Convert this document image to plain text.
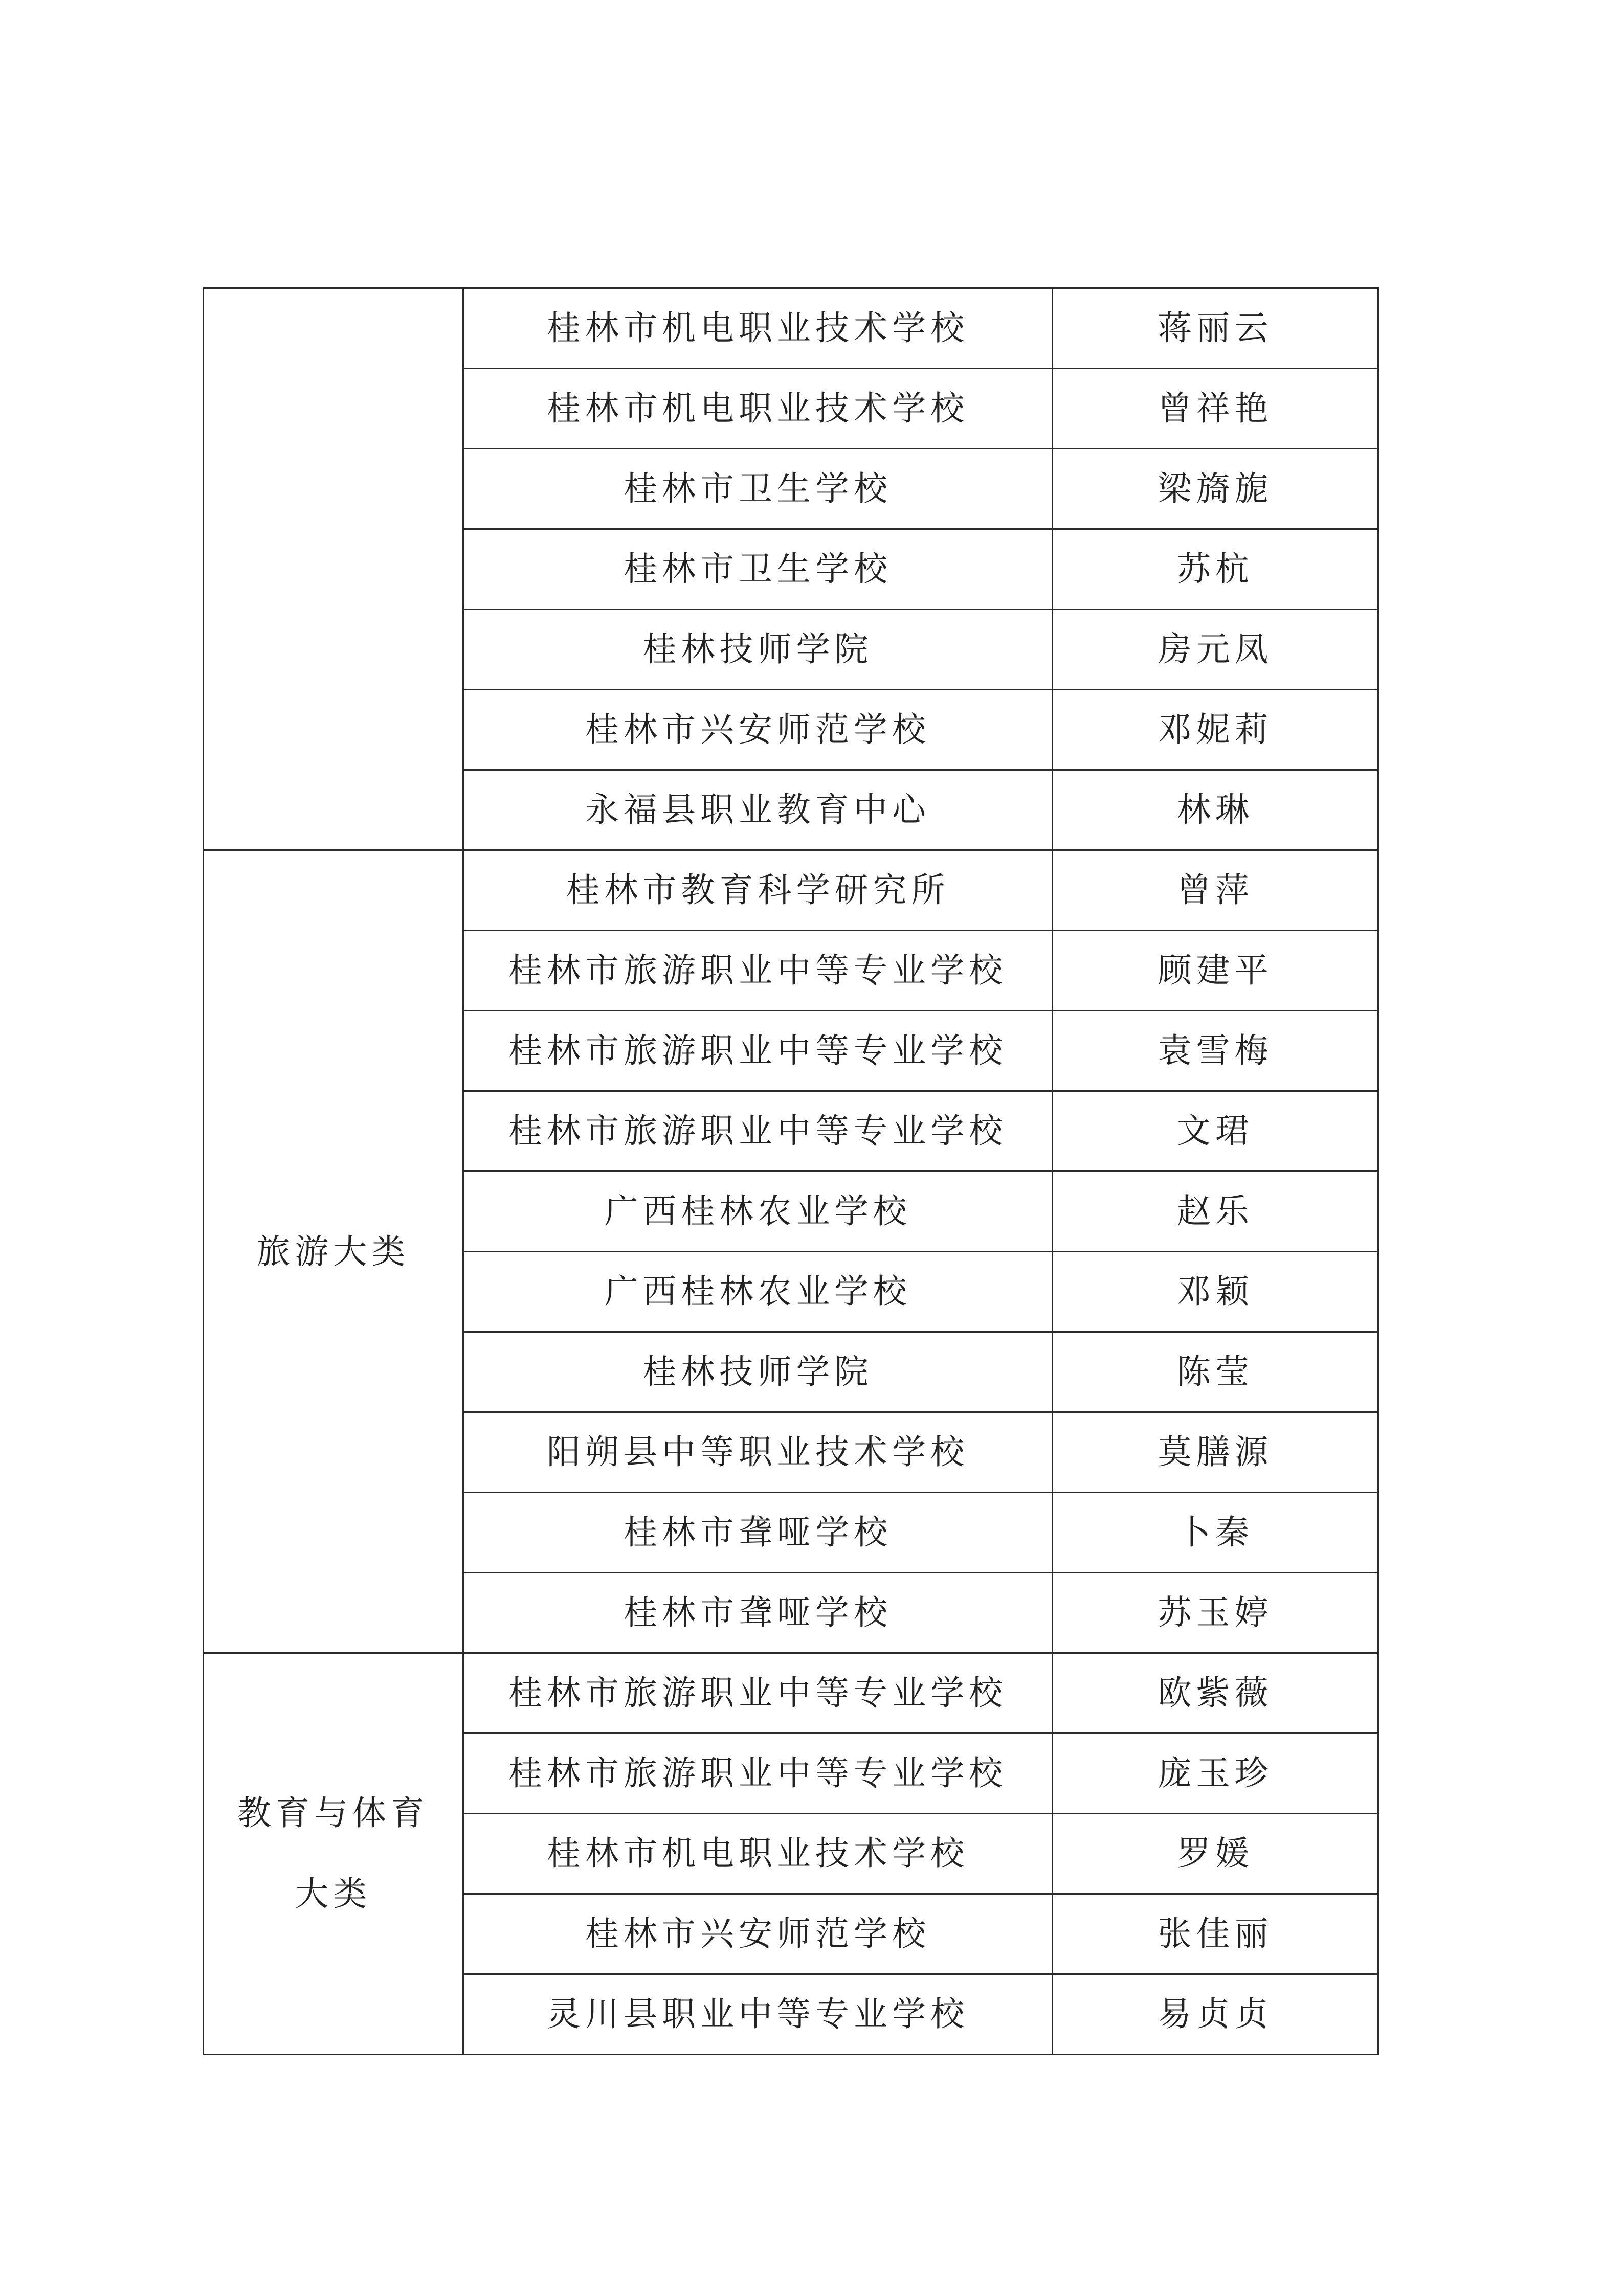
	桂林市机电职业技术学校	蒋丽云
	桂林市机电职业技术学校	曾祥艳
	桂林市卫生学校	梁旖旎
	桂林市卫生学校	苏杭
	桂林技师学院	房元凤
	桂林市兴安师范学校	邓妮莉
	永福县职业教育中心	林琳

旅游大类	桂林市教育科学研究所	曾萍
	桂林市旅游职业中等专业学校	顾建平
	桂林市旅游职业中等专业学校	袁雪梅
	桂林市旅游职业中等专业学校	文珺
	广西桂林农业学校	赵乐
	广西桂林农业学校	邓颖
	桂林技师学院	陈莹
	阳朔县中等职业技术学校	莫膳源
	桂林市聋哑学校	卜秦
	桂林市聋哑学校	苏玉婷

教育与体育
大类	桂林市旅游职业中等专业学校	欧紫薇
	桂林市旅游职业中等专业学校	庞玉珍
	桂林市机电职业技术学校	罗媛
	桂林市兴安师范学校	张佳丽
	灵川县职业中等专业学校	易贞贞
